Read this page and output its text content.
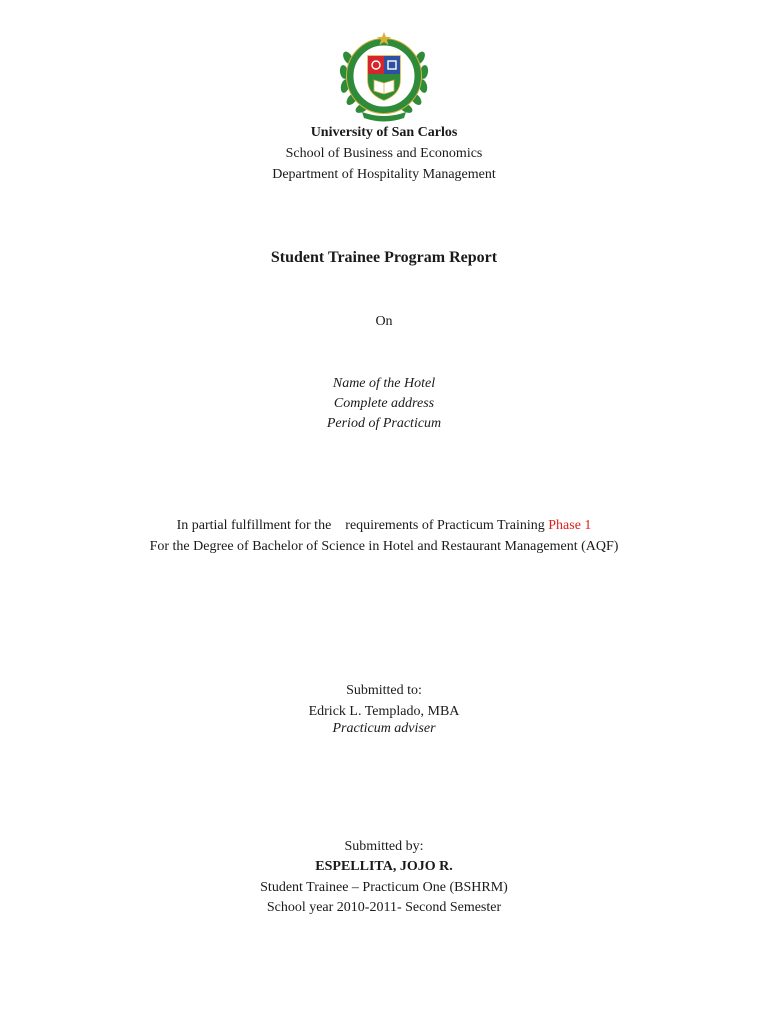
University of San Carlos
School of Business and Economics
Department of Hospitality Management
Student Trainee Program Report
On
Name of the Hotel
Complete address
Period of Practicum
In partial fulfillment for the    requirements of Practicum Training Phase 1
For the Degree of Bachelor of Science in Hotel and Restaurant Management (AQF)
Submitted to:
Edrick L. Templado, MBA
Practicum adviser
Submitted by:
ESPELLITA, JOJO R.
Student Trainee – Practicum One (BSHRM)
School year 2010-2011- Second Semester
